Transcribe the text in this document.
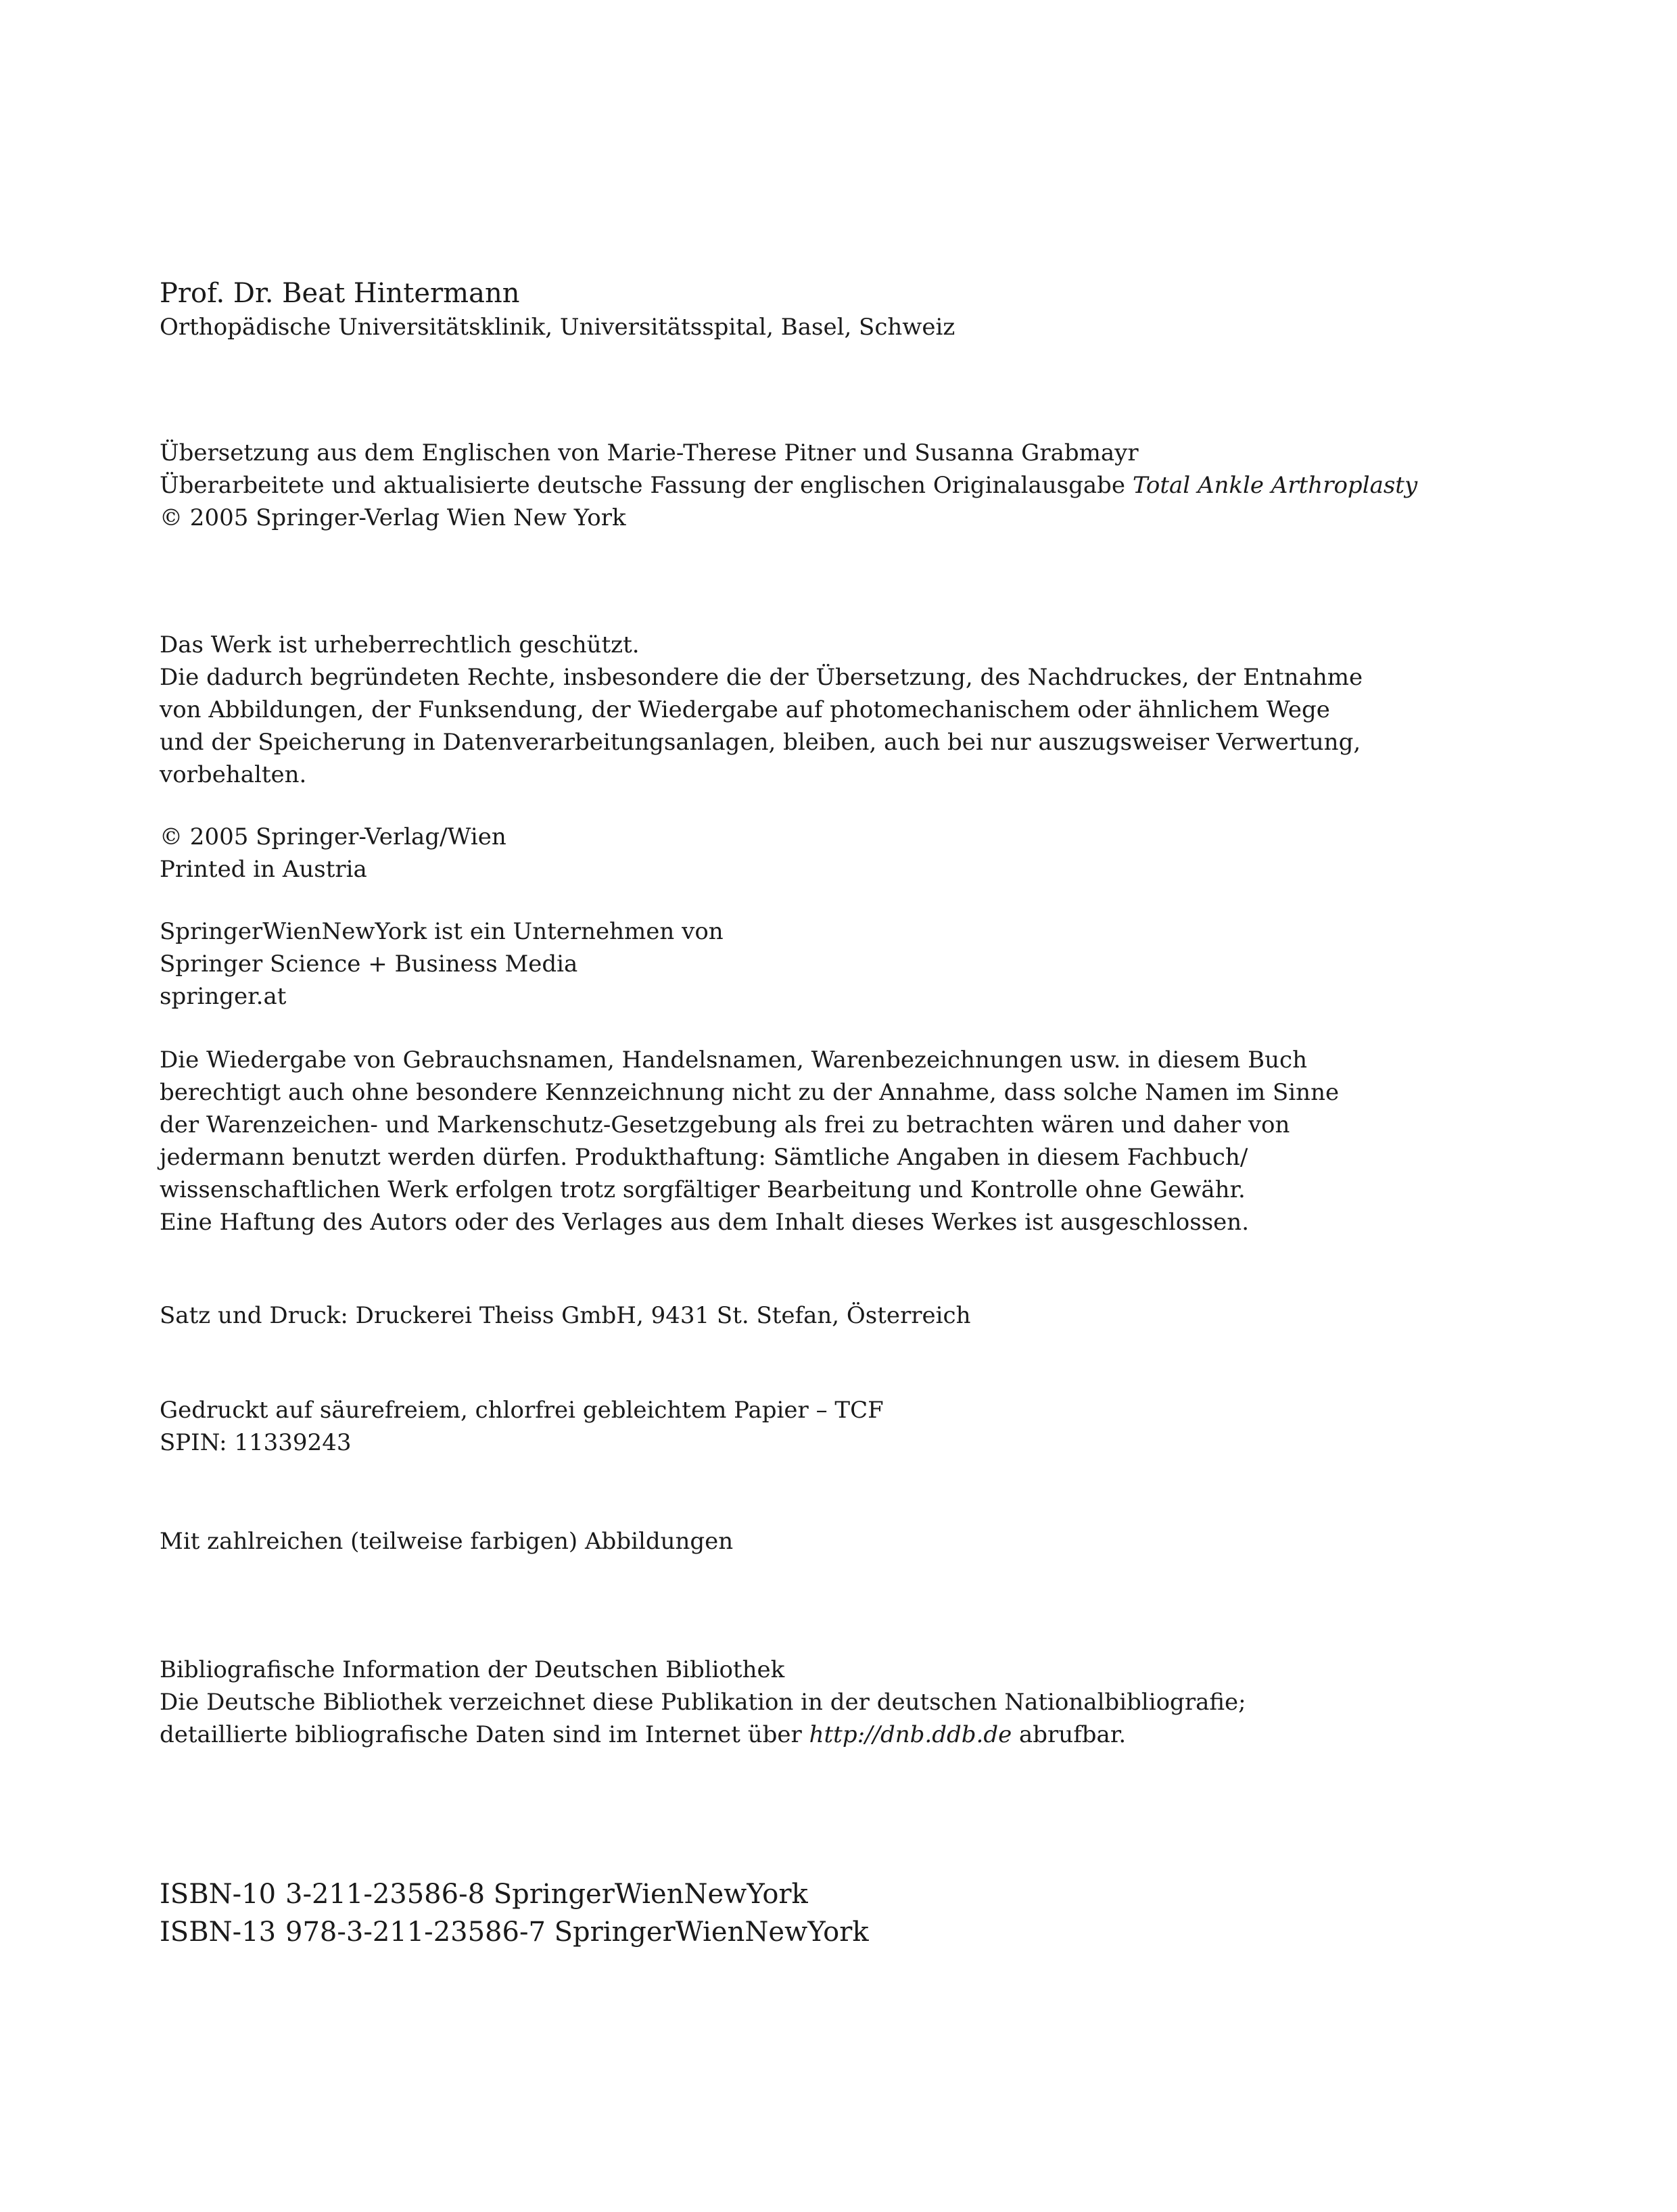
Prof. Dr. Beat Hintermann
Orthopädische Universitätsklinik, Universitätsspital, Basel, Schweiz
Übersetzung aus dem Englischen von Marie-Therese Pitner und Susanna Grabmayr
Überarbeitete und aktualisierte deutsche Fassung der englischen Originalausgabe Total Ankle Arthroplasty
© 2005 Springer-Verlag Wien New York
Das Werk ist urheberrechtlich geschützt.
Die dadurch begründeten Rechte, insbesondere die der Übersetzung, des Nachdruckes, der Entnahme
von Abbildungen, der Funksendung, der Wiedergabe auf photomechanischem oder ähnlichem Wege
und der Speicherung in Datenverarbeitungsanlagen, bleiben, auch bei nur auszugsweiser Verwertung,
vorbehalten.
© 2005 Springer-Verlag/Wien
Printed in Austria
SpringerWienNewYork ist ein Unternehmen von
Springer Science + Business Media
springer.at
Die Wiedergabe von Gebrauchsnamen, Handelsnamen, Warenbezeichnungen usw. in diesem Buch
berechtigt auch ohne besondere Kennzeichnung nicht zu der Annahme, dass solche Namen im Sinne
der Warenzeichen- und Markenschutz-Gesetzgebung als frei zu betrachten wären und daher von
jedermann benutzt werden dürfen. Produkthaftung: Sämtliche Angaben in diesem Fachbuch/
wissenschaftlichen Werk erfolgen trotz sorgfältiger Bearbeitung und Kontrolle ohne Gewähr.
Eine Haftung des Autors oder des Verlages aus dem Inhalt dieses Werkes ist ausgeschlossen.
Satz und Druck: Druckerei Theiss GmbH, 9431 St. Stefan, Österreich
Gedruckt auf säurefreiem, chlorfrei gebleichtem Papier – TCF
SPIN: 11339243
Mit zahlreichen (teilweise farbigen) Abbildungen
Bibliografische Information der Deutschen Bibliothek
Die Deutsche Bibliothek verzeichnet diese Publikation in der deutschen Nationalbibliografie;
detaillierte bibliografische Daten sind im Internet über http://dnb.ddb.de abrufbar.
ISBN-10 3-211-23586-8 SpringerWienNewYork
ISBN-13 978-3-211-23586-7 SpringerWienNewYork
